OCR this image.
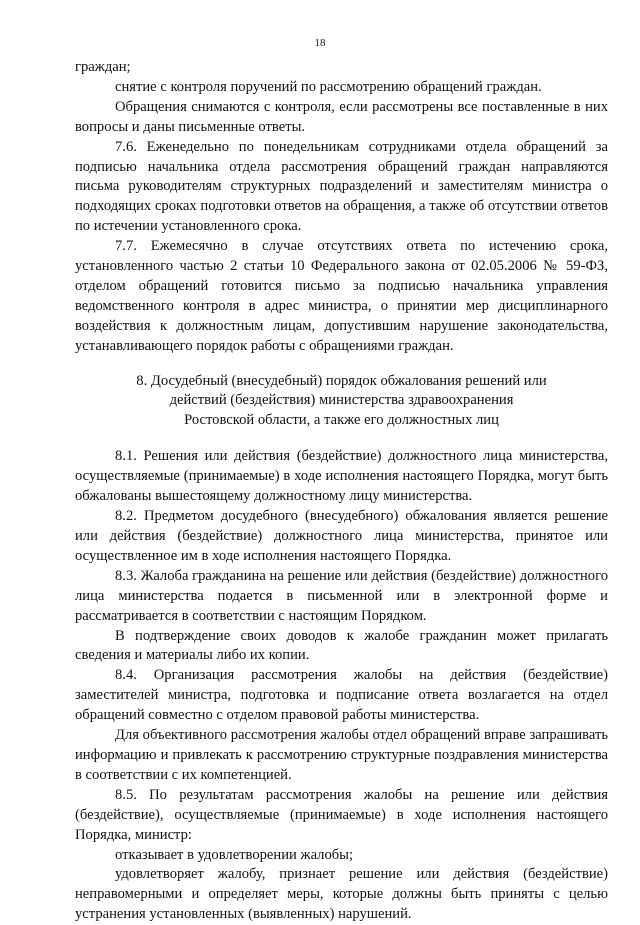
18

граждан;

снятие с контроля поручений по рассмотрению обращений граждан.

Обращения снимаются с контроля, если рассмотрены все поставленные в них вопросы и даны письменные ответы.

7.6. Еженедельно по понедельникам сотрудниками отдела обращений за подписью начальника отдела рассмотрения обращений граждан направляются письма руководителям структурных подразделений и заместителям министра о подходящих сроках подготовки ответов на обращения, а также об отсутствии ответов по истечении установленного срока.

7.7. Ежемесячно в случае отсутствиях ответа по истечению срока, установленного частью 2 статьи 10 Федерального закона от 02.05.2006 № 59-ФЗ, отделом обращений готовится письмо за подписью начальника управления ведомственного контроля в адрес министра, о принятии мер дисциплинарного воздействия к должностным лицам, допустившим нарушение законодательства, устанавливающего порядок работы с обращениями граждан.

8. Досудебный (внесудебный) порядок обжалования решений или
действий (бездействия) министерства здравоохранения
Ростовской области, а также его должностных лиц

8.1. Решения или действия (бездействие) должностного лица министерства, осуществляемые (принимаемые) в ходе исполнения настоящего Порядка, могут быть обжалованы вышестоящему должностному лицу министерства.

8.2. Предметом досудебного (внесудебного) обжалования является решение или действия (бездействие) должностного лица министерства, принятое или осуществленное им в ходе исполнения настоящего Порядка.

8.3. Жалоба гражданина на решение или действия (бездействие) должностного лица министерства подается в письменной или в электронной форме и рассматривается в соответствии с настоящим Порядком.

В подтверждение своих доводов к жалобе гражданин может прилагать сведения и материалы либо их копии.

8.4. Организация рассмотрения жалобы на действия (бездействие) заместителей министра, подготовка и подписание ответа возлагается на отдел обращений совместно с отделом правовой работы министерства.

Для объективного рассмотрения жалобы отдел обращений вправе запрашивать информацию и привлекать к рассмотрению структурные поздравления министерства в соответствии с их компетенцией.

8.5. По результатам рассмотрения жалобы на решение или действия (бездействие), осуществляемые (принимаемые) в ходе исполнения настоящего Порядка, министр:

отказывает в удовлетворении жалобы;

удовлетворяет жалобу, признает решение или действия (бездействие) неправомерными и определяет меры, которые должны быть приняты с целью устранения установленных (выявленных) нарушений.
